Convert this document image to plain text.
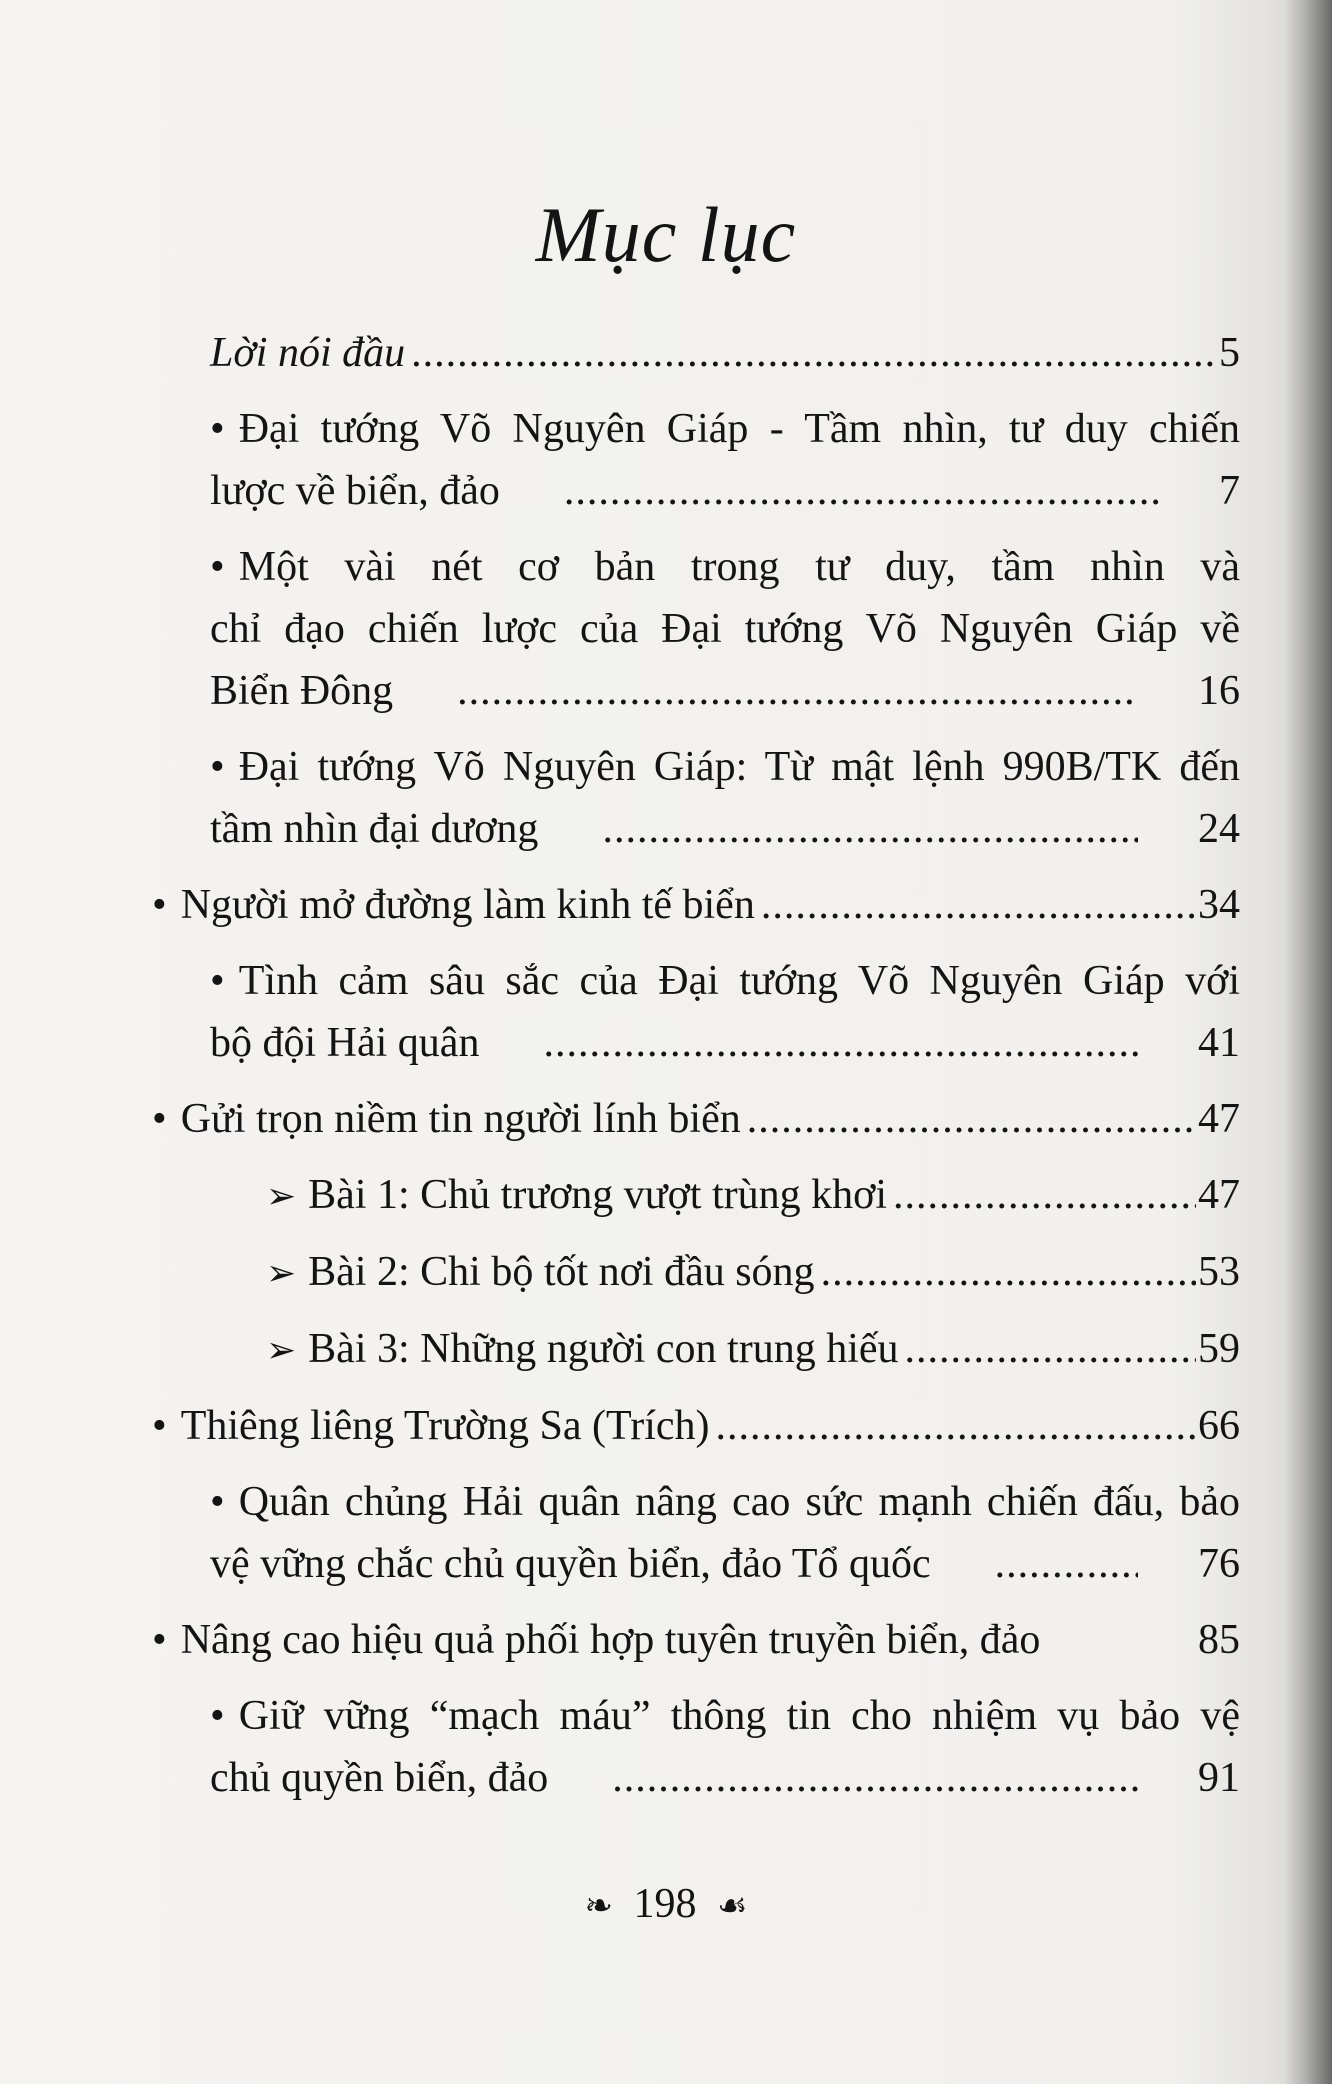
Mục lục
Lời nói đầu .....	5
• Đại tướng Võ Nguyên Giáp - Tầm nhìn, tư duy chiến
lược về biển, đảo .....	7
• Một vài nét cơ bản trong tư duy, tầm nhìn và
chỉ đạo chiến lược của Đại tướng Võ Nguyên Giáp về
Biển Đông .....	16
• Đại tướng Võ Nguyên Giáp: Từ mật lệnh 990B/TK đến
tầm nhìn đại dương .....	24
• Người mở đường làm kinh tế biển .....	34
• Tình cảm sâu sắc của Đại tướng Võ Nguyên Giáp với
bộ đội Hải quân .....	41
• Gửi trọn niềm tin người lính biển .....	47
➢ Bài 1: Chủ trương vượt trùng khơi .....	47
➢ Bài 2: Chi bộ tốt nơi đầu sóng .....	53
➢ Bài 3: Những người con trung hiếu .....	59
• Thiêng liêng Trường Sa (Trích) .....	66
• Quân chủng Hải quân nâng cao sức mạnh chiến đấu, bảo
vệ vững chắc chủ quyền biển, đảo Tổ quốc .....	76
• Nâng cao hiệu quả phối hợp tuyên truyền biển, đảo	85
• Giữ vững “mạch máu” thông tin cho nhiệm vụ bảo vệ
chủ quyền biển, đảo .....	91
❧ 198 ☙
